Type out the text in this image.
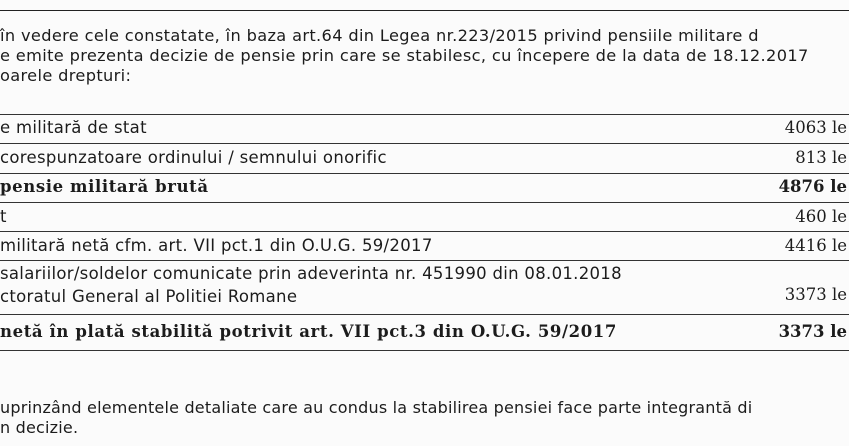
în vedere cele constatate, în baza art.64 din Legea nr.223/2015 privind pensiile militare d
e emite prezenta decizie de pensie prin care se stabilesc, cu începere de la data de 18.12.2017
oarele drepturi:
e militară de stat	4063 le
corespunzatoare ordinului / semnului onorific	813 le
pensie militară brută	4876 le
t	460 le
militară netă cfm. art. VII pct.1 din O.U.G. 59/2017	4416 le
salariilor/soldelor comunicate prin adeverinta nr. 451990 din 08.01.2018
ctoratul General al Politiei Romane	3373 le
netă în plată stabilită potrivit art. VII pct.3 din O.U.G. 59/2017	3373 le
uprinzând elementele detaliate care au condus la stabilirea pensiei face parte integrantă di
n decizie.
